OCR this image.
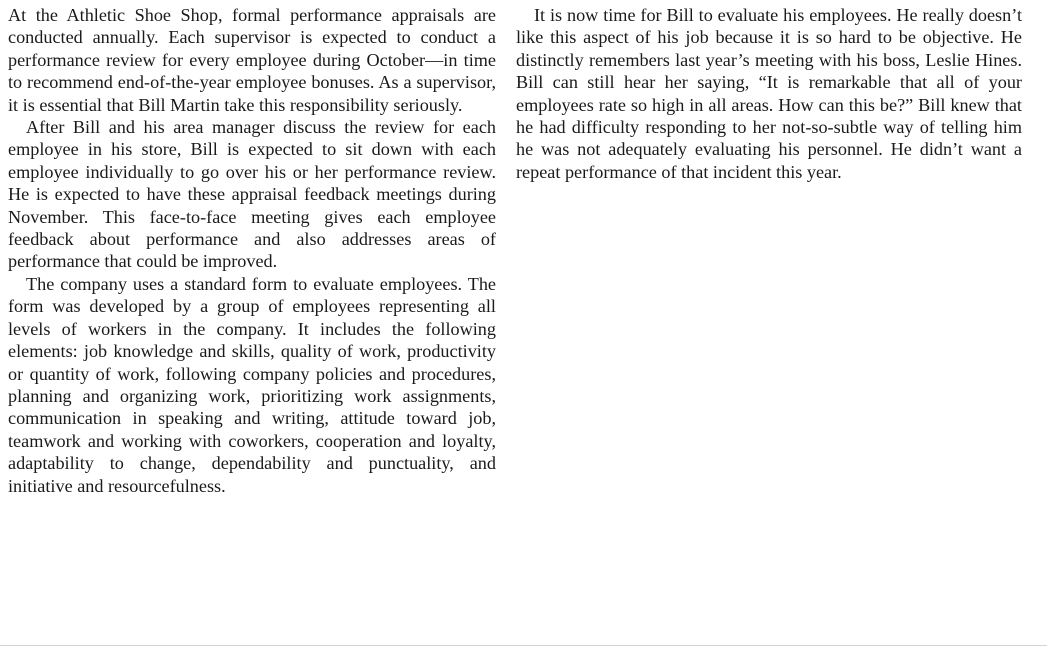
At the Athletic Shoe Shop, formal performance appraisals are conducted annually. Each supervisor is expected to conduct a performance review for every employee during October—in time to recommend end-of-the-year employee bonuses. As a supervisor, it is essential that Bill Martin take this responsibility seriously.

After Bill and his area manager discuss the review for each employee in his store, Bill is expected to sit down with each employee individually to go over his or her performance review. He is expected to have these appraisal feedback meetings during November. This face-to-face meeting gives each employee feedback about performance and also addresses areas of performance that could be improved.

The company uses a standard form to evaluate employees. The form was developed by a group of employees representing all levels of workers in the company. It includes the following elements: job knowledge and skills, quality of work, productivity or quantity of work, following company policies and procedures, planning and organizing work, prioritizing work assignments, communication in speaking and writing, attitude toward job, teamwork and working with coworkers, cooperation and loyalty, adaptability to change, dependability and punctuality, and initiative and resourcefulness.

It is now time for Bill to evaluate his employees. He really doesn’t like this aspect of his job because it is so hard to be objective. He distinctly remembers last year’s meeting with his boss, Leslie Hines. Bill can still hear her saying, “It is remarkable that all of your employees rate so high in all areas. How can this be?” Bill knew that he had difficulty responding to her not-so-subtle way of telling him he was not adequately evaluating his personnel. He didn’t want a repeat performance of that incident this year.
